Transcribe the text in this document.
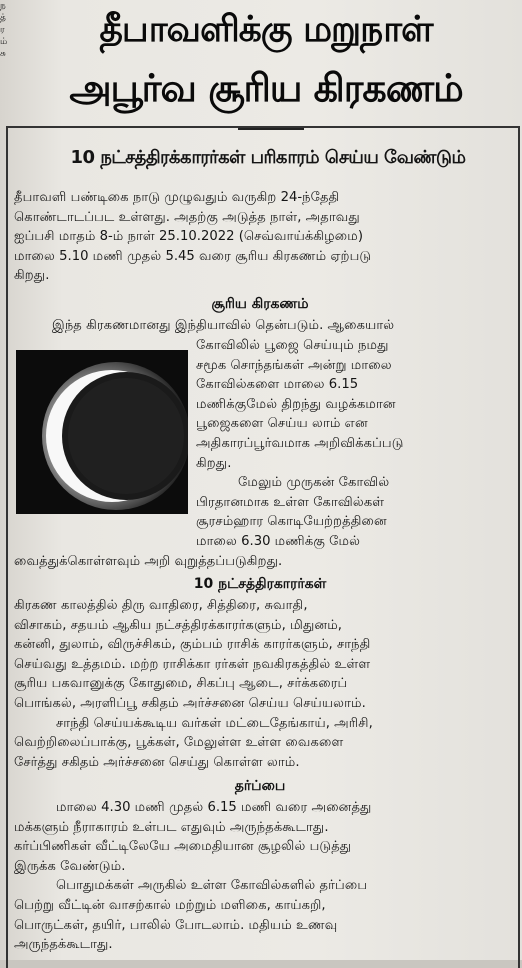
ந
த்
ர
ம்
சு
தீபாவளிக்கு மறுநாள்
அபூர்வ சூரிய கிரகணம்
10 நட்சத்திரக்காரர்கள் பரிகாரம் செய்ய வேண்டும்
தீபாவளி பண்டிகை நாடு முழுவதும் வருகிற 24-ந்தேதி
கொண்டாடப்பட உள்ளது. அதற்கு அடுத்த நாள், அதாவது
ஐப்பசி மாதம் 8-ம் நாள் 25.10.2022 (செவ்வாய்க்கிழமை)
மாலை 5.10 மணி முதல் 5.45 வரை சூரிய கிரகணம் ஏற்படு
கிறது.
சூரிய கிரகணம்
இந்த கிரகணமானது இந்தியாவில் தென்படும். ஆகையால்
கோவிலில் பூஜை செய்யும் நமது
சமூக சொந்தங்கள் அன்று மாலை
கோவில்களை மாலை 6.15
மணிக்குமேல் திறந்து வழக்கமான
பூஜைகளை செய்ய லாம் என
அதிகாரப்பூர்வமாக அறிவிக்கப்படு
கிறது.
மேலும் முருகன் கோவில்
பிரதானமாக உள்ள கோவில்கள்
சூரசம்ஹார கொடியேற்றத்தினை
மாலை 6.30 மணிக்கு மேல்
வைத்துக்கொள்ளவும் அறி வுறுத்தப்படுகிறது.
10 நட்சத்திரகாரர்கள்
கிரகண காலத்தில் திரு வாதிரை, சித்திரை, சுவாதி,
விசாகம், சதயம் ஆகிய நட்சத்திரக்காரர்களும், மிதுனம்,
கன்னி, துலாம், விருச்சிகம், கும்பம் ராசிக் காரர்களும், சாந்தி
செய்வது உத்தமம். மற்ற ராசிக்கா ரர்கள் நவகிரகத்தில் உள்ள
சூரிய பகவானுக்கு கோதுமை, சிகப்பு ஆடை, சர்க்கரைப்
பொங்கல், அரளிப்பூ சகிதம் அர்ச்சனை செய்ய செய்யலாம்.
சாந்தி செய்யக்கூடிய வர்கள் மட்டைதேங்காய், அரிசி,
வெற்றிலைப்பாக்கு, பூக்கள், மேலுள்ள உள்ள வைகளை
சேர்த்து சகிதம் அர்ச்சனை செய்து கொள்ள லாம்.
தர்ப்பை
மாலை 4.30 மணி முதல் 6.15 மணி வரை அனைத்து
மக்களும் நீராகாரம் உள்பட எதுவும் அருந்தக்கூடாது.
கர்ப்பிணிகள் வீட்டிலேயே அமைதியான சூழலில் படுத்து
இருக்க வேண்டும்.
பொதுமக்கள் அருகில் உள்ள கோவில்களில் தர்ப்பை
பெற்று வீட்டின் வாசற்கால் மற்றும் மளிகை, காய்கறி,
பொருட்கள், தயிர், பாலில் போடலாம். மதியம் உணவு
அருந்தக்கூடாது.
